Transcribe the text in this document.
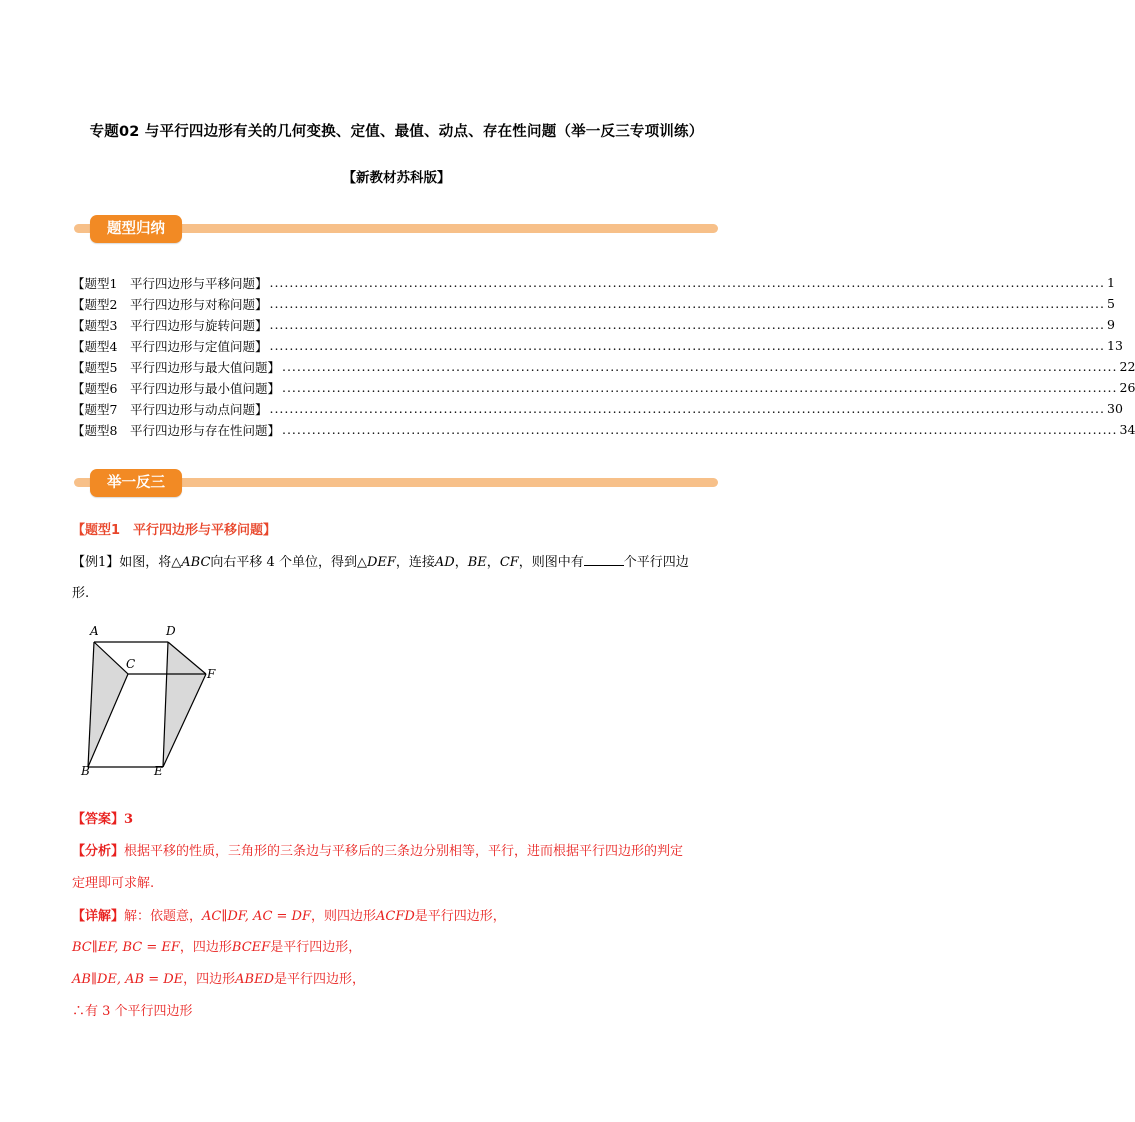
专题02 与平行四边形有关的几何变换、定值、最值、动点、存在性问题（举一反三专项训练）
【新教材苏科版】
题型归纳
【题型1　平行四边形与平移问题】 ........................................................................................................................................................................ 1
【题型2　平行四边形与对称问题】 ........................................................................................................................................................................ 5
【题型3　平行四边形与旋转问题】 ........................................................................................................................................................................ 9
【题型4　平行四边形与定值问题】 ........................................................................................................................................................................ 13
【题型5　平行四边形与最大值问题】 ........................................................................................................................................................................ 22
【题型6　平行四边形与最小值问题】 ........................................................................................................................................................................ 26
【题型7　平行四边形与动点问题】 ........................................................................................................................................................................ 30
【题型8　平行四边形与存在性问题】 ........................................................................................................................................................................ 34
举一反三
【题型1　平行四边形与平移问题】
【例1】如图，将△ABC向右平移 4 个单位，得到△DEF，连接AD，BE，CF，则图中有	个平行四边
形.
A	D
C
F
B	E
【答案】3
【分析】根据平移的性质，三角形的三条边与平移后的三条边分别相等，平行，进而根据平行四边形的判定
定理即可求解.
【详解】解：依题意，AC∥DF, AC = DF，则四边形ACFD是平行四边形，
BC∥EF, BC = EF，四边形BCEF是平行四边形，
AB∥DE, AB = DE，四边形ABED是平行四边形，
∴有 3 个平行四边形
